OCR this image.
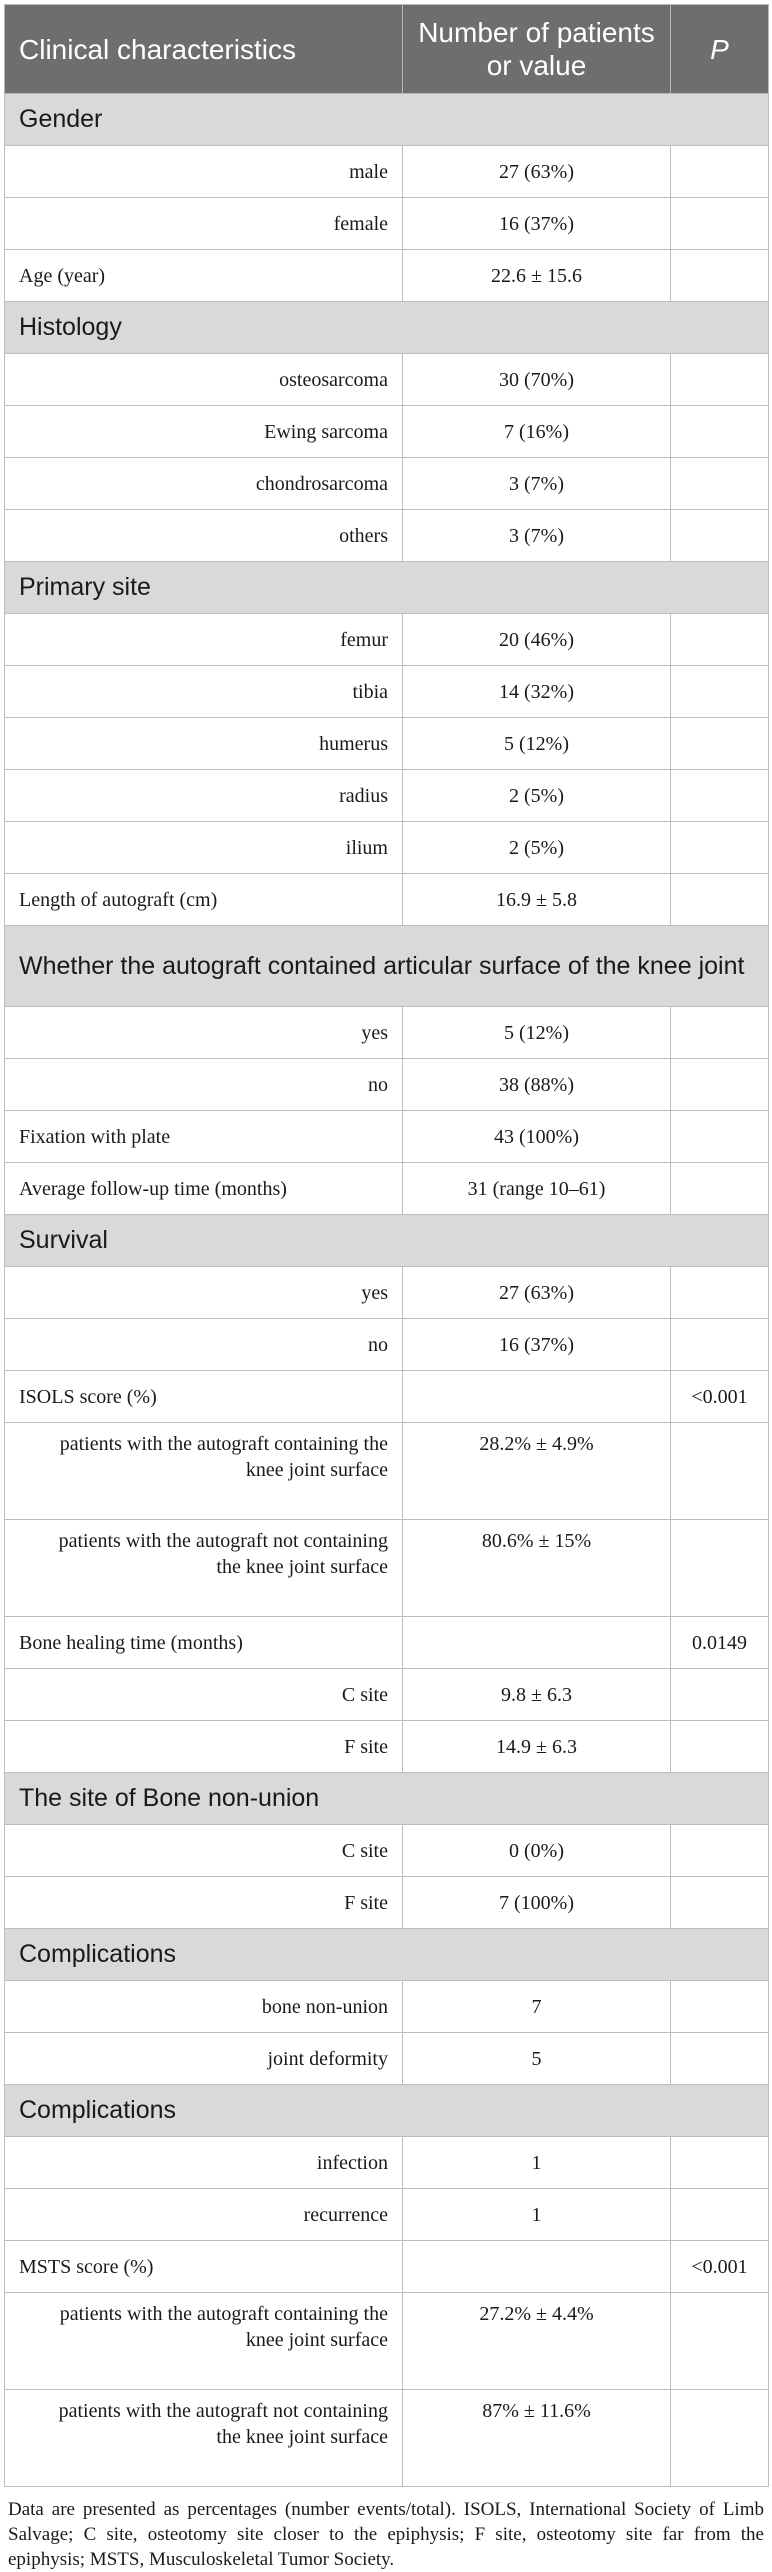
Clinical characteristics	Number of patients or value	P
Gender		
male	27 (63%)	
female	16 (37%)	
Age (year)	22.6 ± 15.6	
Histology		
osteosarcoma	30 (70%)	
Ewing sarcoma	7 (16%)	
chondrosarcoma	3 (7%)	
others	3 (7%)	
Primary site		
femur	20 (46%)	
tibia	14 (32%)	
humerus	5 (12%)	
radius	2 (5%)	
ilium	2 (5%)	
Length of autograft (cm)	16.9 ± 5.8	
Whether the autograft contained articular surface of the knee joint		
yes	5 (12%)	
no	38 (88%)	
Fixation with plate	43 (100%)	
Average follow-up time (months)	31 (range 10–61)	
Survival		
yes	27 (63%)	
no	16 (37%)	
ISOLS score (%)		<0.001
patients with the autograft containing the knee joint surface	28.2% ± 4.9%	
patients with the autograft not containing the knee joint surface	80.6% ± 15%	
Bone healing time (months)		0.0149
C site	9.8 ± 6.3	
F site	14.9 ± 6.3	
The site of Bone non-union		
C site	0 (0%)	
F site	7 (100%)	
Complications		
bone non-union	7	
joint deformity	5	
Complications		
infection	1	
recurrence	1	
MSTS score (%)		<0.001
patients with the autograft containing the knee joint surface	27.2% ± 4.4%	
patients with the autograft not containing the knee joint surface	87% ± 11.6%	
Data are presented as percentages (number events/total). ISOLS, International Society of Limb Salvage; C site, osteotomy site closer to the epiphysis; F site, osteotomy site far from the epiphysis; MSTS, Musculoskeletal Tumor Society.
